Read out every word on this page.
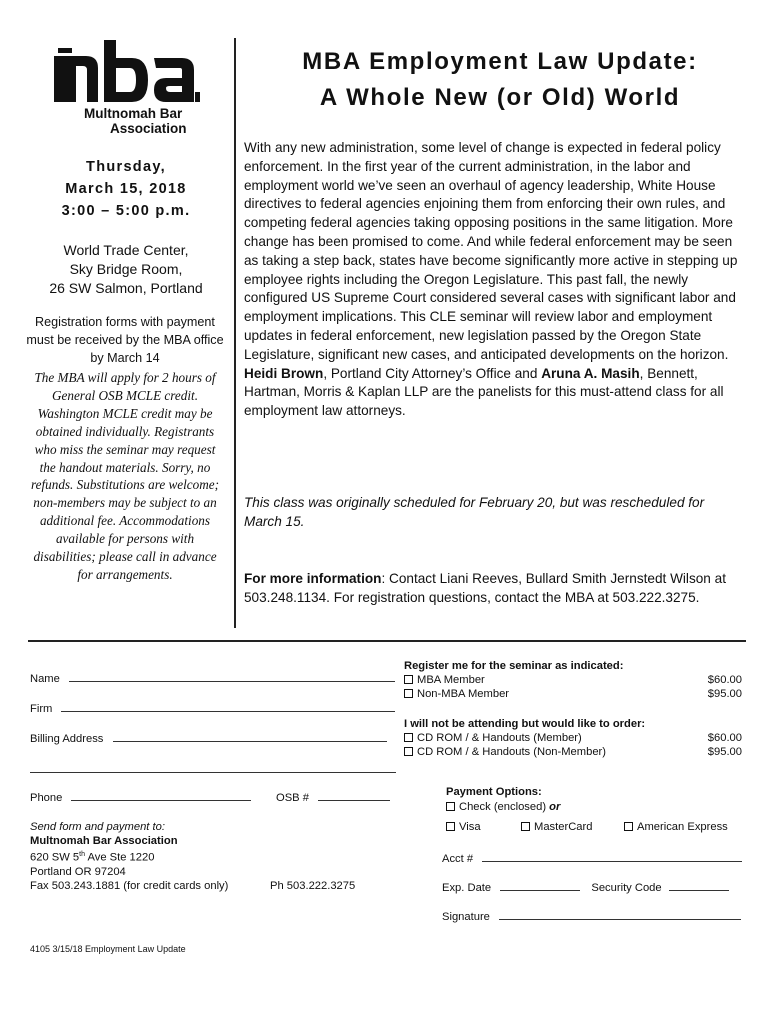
Multnomah Bar
Association
Thursday,
March 15, 2018
3:00 – 5:00 p.m.
World Trade Center,
Sky Bridge Room,
26 SW Salmon, Portland
Registration forms with payment must be received by the MBA office by March 14
The MBA will apply for 2 hours of General OSB MCLE credit. Washington MCLE credit may be obtained individually. Registrants who miss the seminar may request the handout materials. Sorry, no refunds. Substitutions are welcome; non-members may be subject to an additional fee. Accommodations available for persons with disabilities; please call in advance for arrangements.
MBA Employment Law Update:
A Whole New (or Old) World
With any new administration, some level of change is expected in federal policy enforcement. In the first year of the current administration, in the labor and employment world we’ve seen an overhaul of agency leadership, White House directives to federal agencies enjoining them from enforcing their own rules, and competing federal agencies taking opposing positions in the same litigation. More change has been promised to come. And while federal enforcement may be seen as taking a step back, states have become significantly more active in stepping up employee rights including the Oregon Legislature. This past fall, the newly configured US Supreme Court considered several cases with significant labor and employment implications. This CLE seminar will review labor and employment updates in federal enforcement, new legislation passed by the Oregon State Legislature, significant new cases, and anticipated developments on the horizon. Heidi Brown, Portland City Attorney’s Office and Aruna A. Masih, Bennett, Hartman, Morris & Kaplan LLP are the panelists for this must-attend class for all employment law attorneys.
This class was originally scheduled for February 20, but was rescheduled for March 15.
For more information: Contact Liani Reeves, Bullard Smith Jernstedt Wilson at 503.248.1134. For registration questions, contact the MBA at 503.222.3275.
Name
Firm
Billing Address
Phone	OSB #
Send form and payment to:
Multnomah Bar Association
620 SW 5th Ave Ste 1220
Portland OR 97204
Fax 503.243.1881 (for credit cards only)	Ph 503.222.3275
4105 3/15/18 Employment Law Update
Register me for the seminar as indicated:
MBA Member	$60.00
Non-MBA Member	$95.00
I will not be attending but would like to order:
CD ROM / & Handouts (Member)	$60.00
CD ROM / & Handouts (Non-Member)	$95.00
Payment Options:
Check (enclosed) or
Visa	MasterCard	American Express
Acct #
Exp. Date	Security Code
Signature
